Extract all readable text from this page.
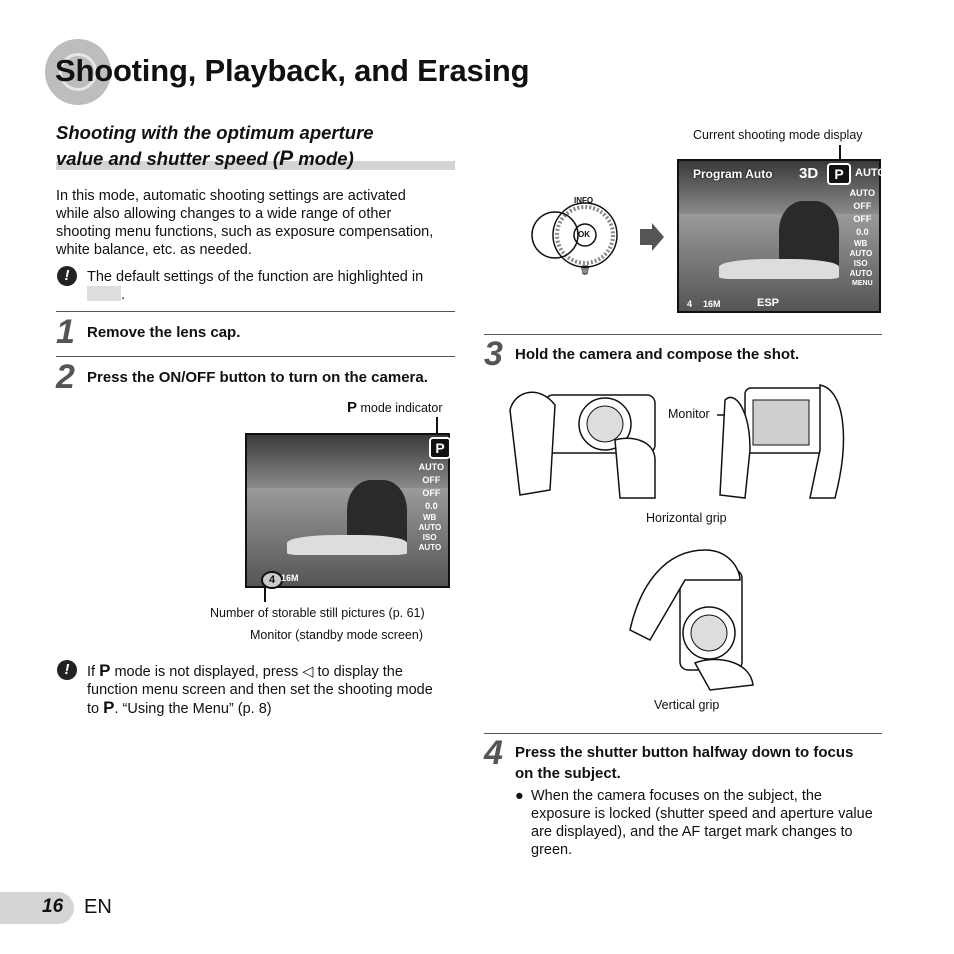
Shooting, Playback, and Erasing
Shooting with the optimum aperture
value and shutter speed (P mode)
In this mode, automatic shooting settings are activated while also allowing changes to a wide range of other shooting menu functions, such as exposure compensation, white balance, etc. as needed.
!	The default settings of the function are highlighted in
.
1 Remove the lens cap.
2 Press the ON/OFF button to turn on the camera.
P mode indicator
P
AUTO
OFF
OFF
0.0
WB AUTO
ISO AUTO
4 16M
Number of storable still pictures (p. 61)
Monitor (standby mode screen)
!	If P mode is not displayed, press ◁ to display the function menu screen and then set the shooting mode to P. “Using the Menu” (p. 8)
Current shooting mode display
🗑
INFO
OK
Program Auto 3D	P	AUTO
AUTO
OFF
OFF
0.0
WB AUTO
ISO AUTO
MENU
4 16M	ESP
3 Hold the camera and compose the shot.
Monitor
Horizontal grip
Vertical grip
4 Press the shutter button halfway down to focus on the subject.
● When the camera focuses on the subject, the exposure is locked (shutter speed and aperture value are displayed), and the AF target mark changes to green.
16 EN
